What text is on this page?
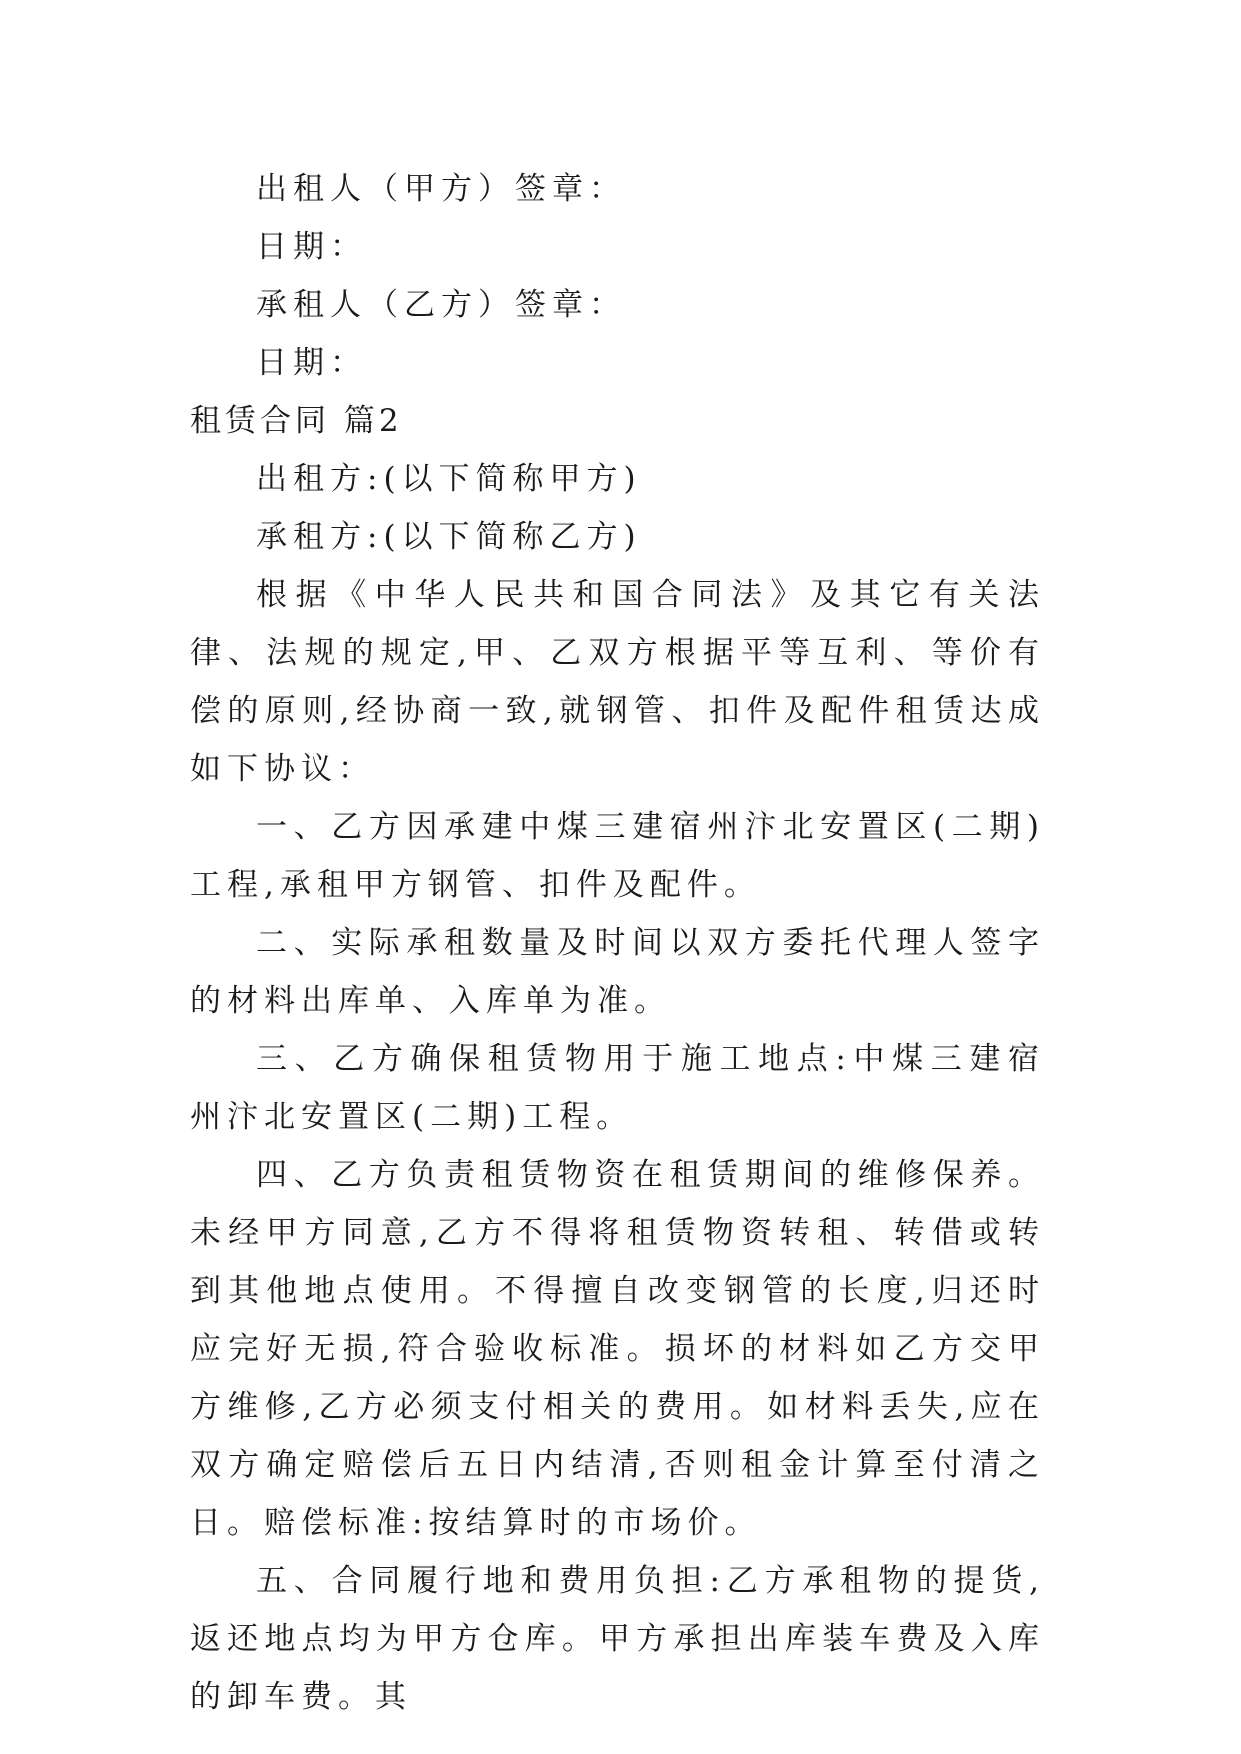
出租人（甲方）签章：
日期：
承租人（乙方）签章：
日期：
租赁合同 篇2
出租方:(以下简称甲方)
承租方:(以下简称乙方)

根据《中华人民共和国合同法》及其它有关法律、法规的规定,甲、乙双方根据平等互利、等价有偿的原则,经协商一致,就钢管、扣件及配件租赁达成如下协议：

一、乙方因承建中煤三建宿州汴北安置区(二期)工程,承租甲方钢管、扣件及配件。

二、实际承租数量及时间以双方委托代理人签字的材料出库单、入库单为准。

三、乙方确保租赁物用于施工地点:中煤三建宿州汴北安置区(二期)工程。

四、乙方负责租赁物资在租赁期间的维修保养。未经甲方同意,乙方不得将租赁物资转租、转借或转到其他地点使用。不得擅自改变钢管的长度,归还时应完好无损,符合验收标准。损坏的材料如乙方交甲方维修,乙方必须支付相关的费用。如材料丢失,应在双方确定赔偿后五日内结清,否则租金计算至付清之日。赔偿标准:按结算时的市场价。

五、合同履行地和费用负担:乙方承租物的提货,返还地点均为甲方仓库。甲方承担出库装车费及入库的卸车费。其
